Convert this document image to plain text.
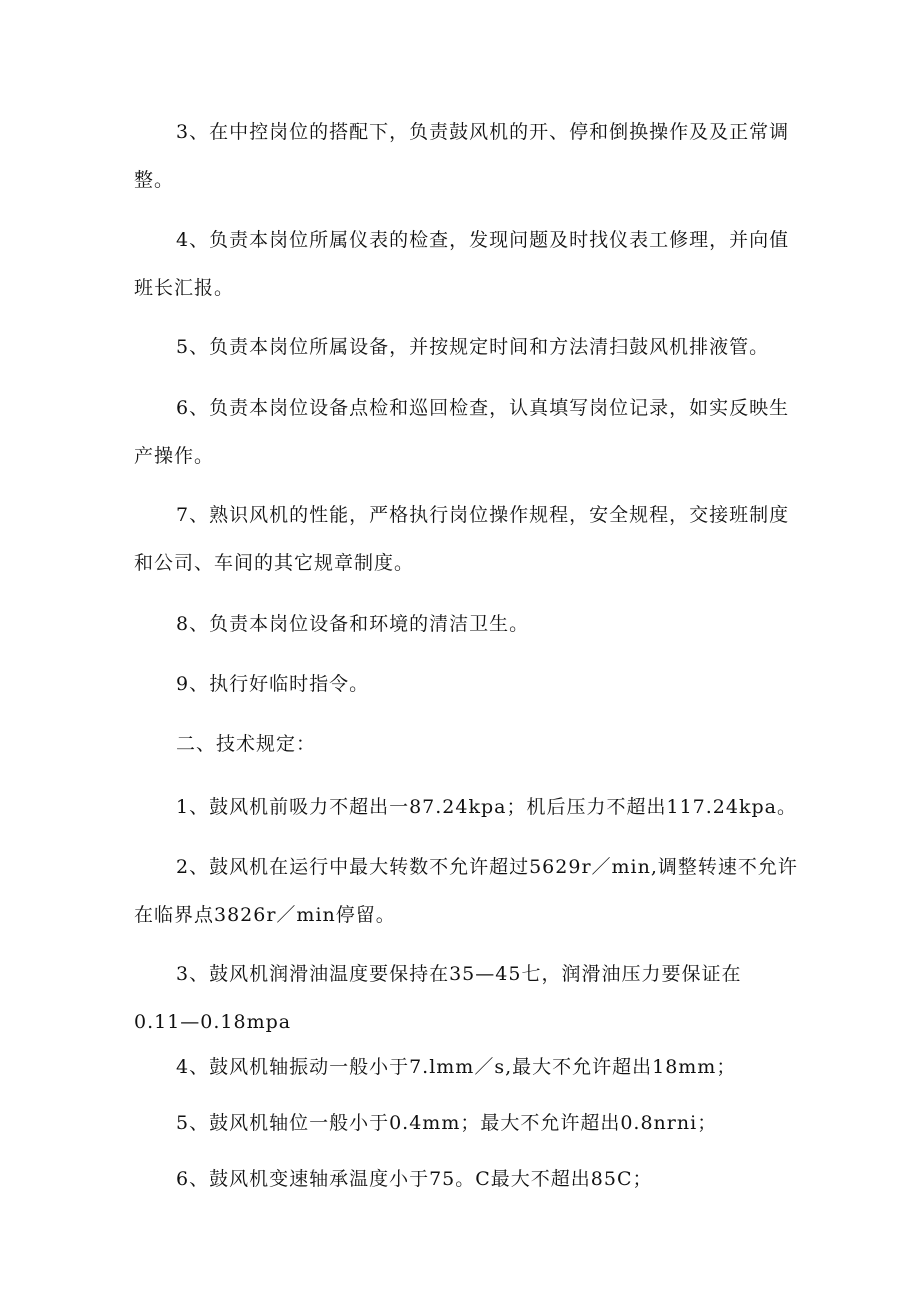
3、在中控岗位的搭配下，负责鼓风机的开、停和倒换操作及及正常调
整。
4、负责本岗位所属仪表的检查，发现问题及时找仪表工修理，并向值
班长汇报。
5、负责本岗位所属设备，并按规定时间和方法清扫鼓风机排液管。
6、负责本岗位设备点检和巡回检查，认真填写岗位记录，如实反映生
产操作。
7、熟识风机的性能，严格执行岗位操作规程，安全规程，交接班制度
和公司、车间的其它规章制度。
8、负责本岗位设备和环境的清洁卫生。
9、执行好临时指令。
二、技术规定：
1、鼓风机前吸力不超出一87.24kpa；机后压力不超出117.24kpa。
2、鼓风机在运行中最大转数不允许超过5629r／min,调整转速不允许
在临界点3826r／min停留。
3、鼓风机润滑油温度要保持在35—45七，润滑油压力要保证在
0.11—0.18mpa
4、鼓风机轴振动一般小于7.lmm／s,最大不允许超出18mm；
5、鼓风机轴位一般小于0.4mm；最大不允许超出0.8nrni；
6、鼓风机变速轴承温度小于75。C最大不超出85C；
